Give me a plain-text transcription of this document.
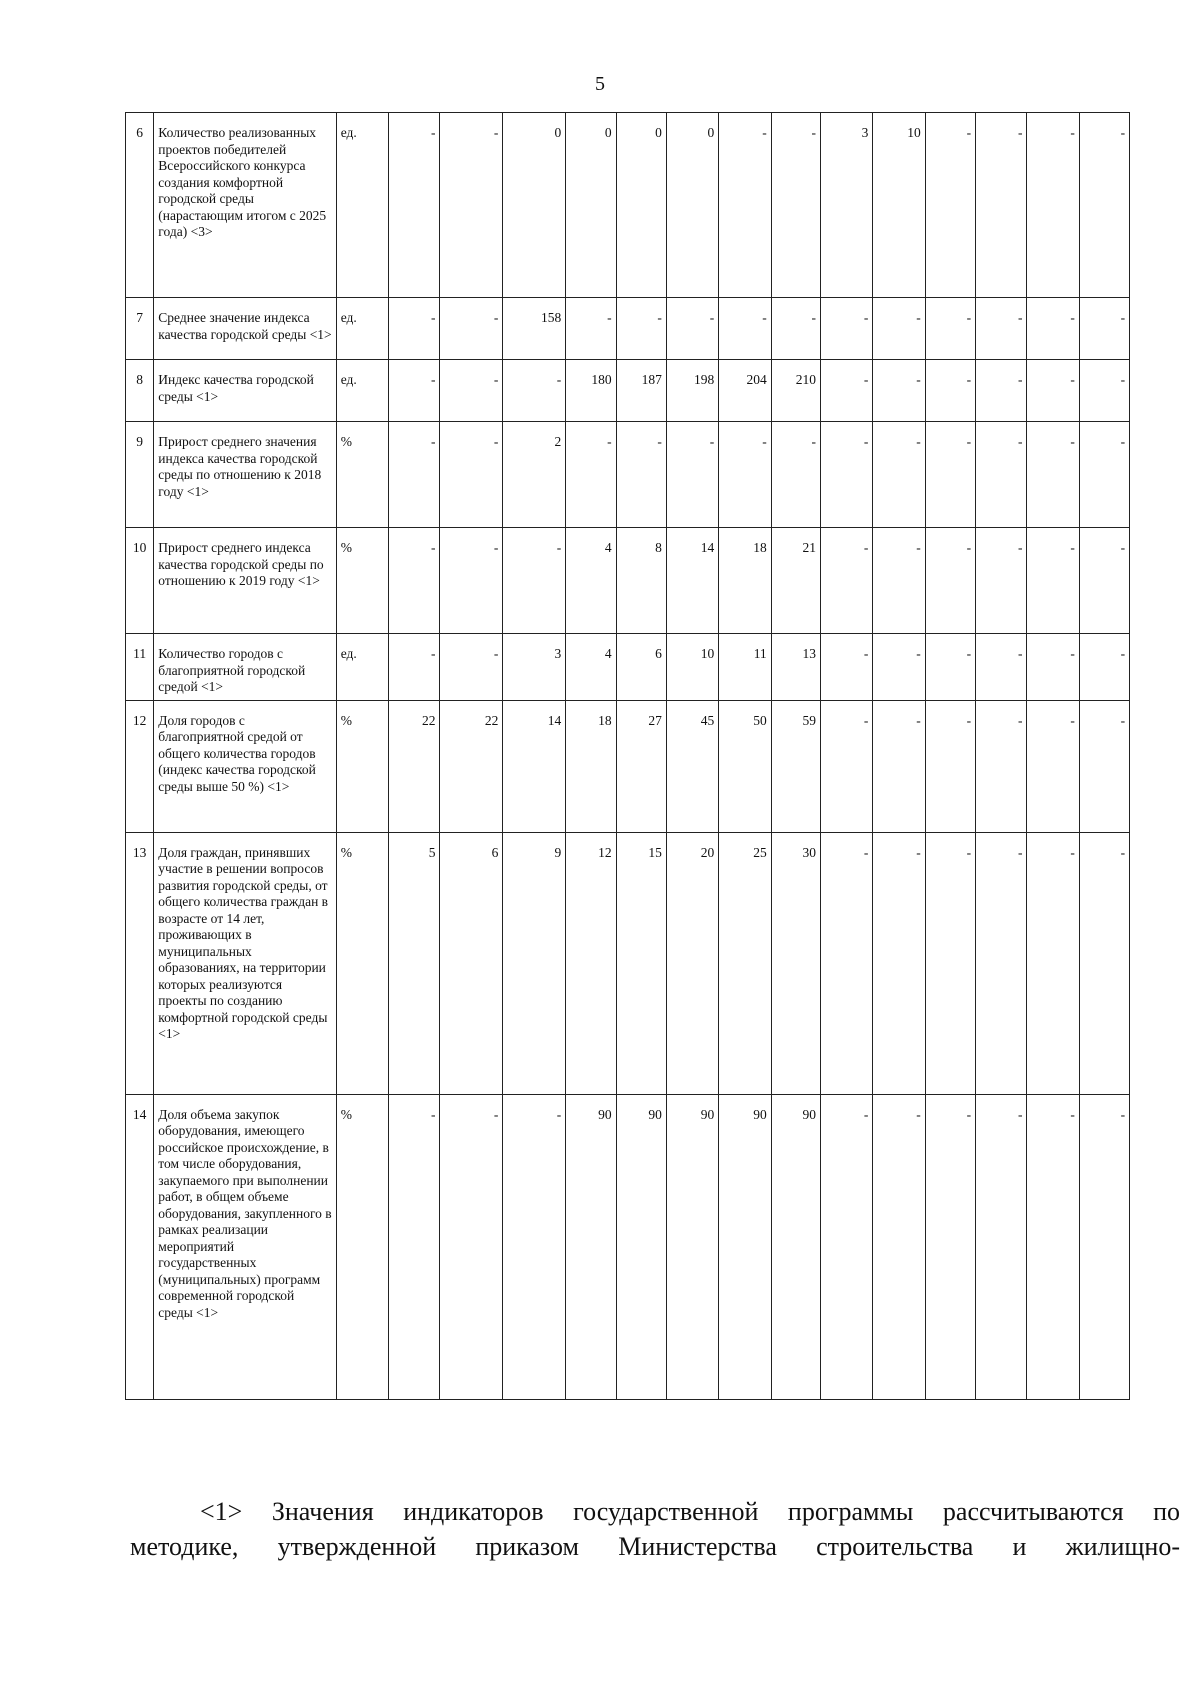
5
6	Количество реализованных проектов победителей Всероссийского конкурса создания комфортной городской среды (нарастающим итогом с 2025 года) <3>	ед.	-	-	0	0	0	0	-	-	3	10	-	-	-	-
7	Среднее значение индекса качества городской среды <1>	ед.	-	-	158	-	-	-	-	-	-	-	-	-	-	-
8	Индекс качества городской среды <1>	ед.	-	-	-	180	187	198	204	210	-	-	-	-	-	-
9	Прирост среднего значения индекса качества городской среды по отношению к 2018 году <1>	%	-	-	2	-	-	-	-	-	-	-	-	-	-	-
10	Прирост среднего индекса качества городской среды по отношению к 2019 году <1>	%	-	-	-	4	8	14	18	21	-	-	-	-	-	-
11	Количество городов с благоприятной городской средой <1>	ед.	-	-	3	4	6	10	11	13	-	-	-	-	-	-
12	Доля городов с благоприятной средой от общего количества городов (индекс качества городской среды выше 50 %) <1>	%	22	22	14	18	27	45	50	59	-	-	-	-	-	-
13	Доля граждан, принявших участие в решении вопросов развития городской среды, от общего количества граждан в возрасте от 14 лет, проживающих в муниципальных образованиях, на территории которых реализуются проекты по созданию комфортной городской среды <1>	%	5	6	9	12	15	20	25	30	-	-	-	-	-	-
14	Доля объема закупок оборудования, имеющего российское происхождение, в том числе оборудования, закупаемого при выполнении работ, в общем объеме оборудования, закупленного в рамках реализации мероприятий государственных (муниципальных) программ современной городской среды <1>	%	-	-	-	90	90	90	90	90	-	-	-	-	-	-
<1> Значения индикаторов государственной программы рассчитываются по
методике, утвержденной приказом Министерства строительства и жилищно-
